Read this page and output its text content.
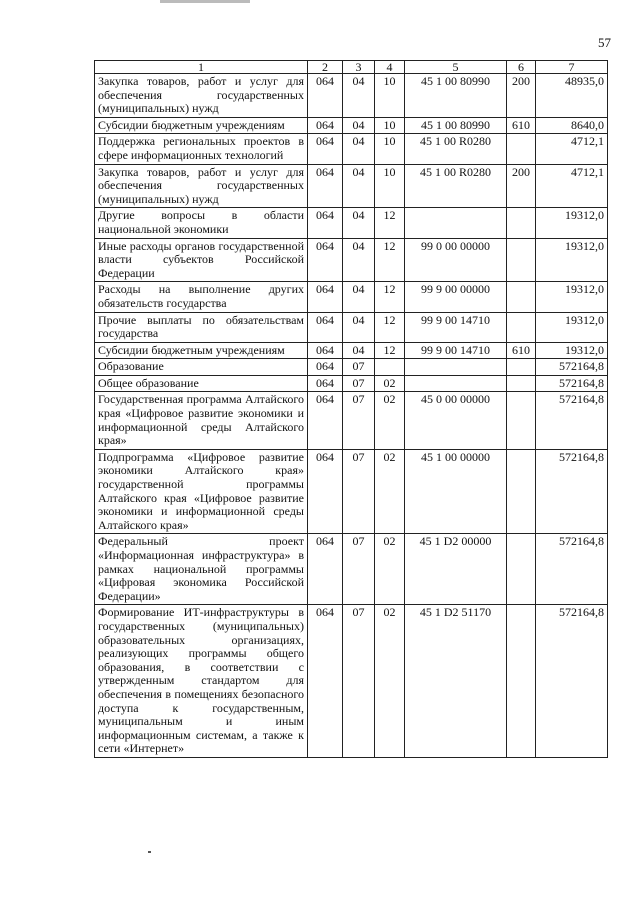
57
1	2	3	4	5	6	7
Закупка товаров, работ и услуг для обеспечения государственных (муниципальных) нужд	064	04	10	45 1 00 80990	200	48935,0
Субсидии бюджетным учреждениям	064	04	10	45 1 00 80990	610	8640,0
Поддержка региональных проектов в сфере информационных технологий	064	04	10	45 1 00 R0280		4712,1
Закупка товаров, работ и услуг для обеспечения государственных (муниципальных) нужд	064	04	10	45 1 00 R0280	200	4712,1
Другие вопросы в области национальной экономики	064	04	12			19312,0
Иные расходы органов государственной власти субъектов Российской Федерации	064	04	12	99 0 00 00000		19312,0
Расходы на выполнение других обязательств государства	064	04	12	99 9 00 00000		19312,0
Прочие выплаты по обязательствам государства	064	04	12	99 9 00 14710		19312,0
Субсидии бюджетным учреждениям	064	04	12	99 9 00 14710	610	19312,0
Образование	064	07				572164,8
Общее образование	064	07	02			572164,8
Государственная программа Алтайского края «Цифровое развитие экономики и информационной среды Алтайского края»	064	07	02	45 0 00 00000		572164,8
Подпрограмма «Цифровое развитие экономики Алтайского края» государственной программы Алтайского края «Цифровое развитие экономики и информационной среды Алтайского края»	064	07	02	45 1 00 00000		572164,8
Федеральный проект «Информационная инфраструктура» в рамках национальной программы «Цифровая экономика Российской Федерации»	064	07	02	45 1 D2 00000		572164,8
Формирование ИТ-инфраструктуры в государственных (муниципальных) образовательных организациях, реализующих программы общего образования, в соответствии с утвержденным стандартом для обеспечения в помещениях безопасного доступа к государственным, муниципальным и иным информационным системам, а также к сети «Интернет»	064	07	02	45 1 D2 51170		572164,8
